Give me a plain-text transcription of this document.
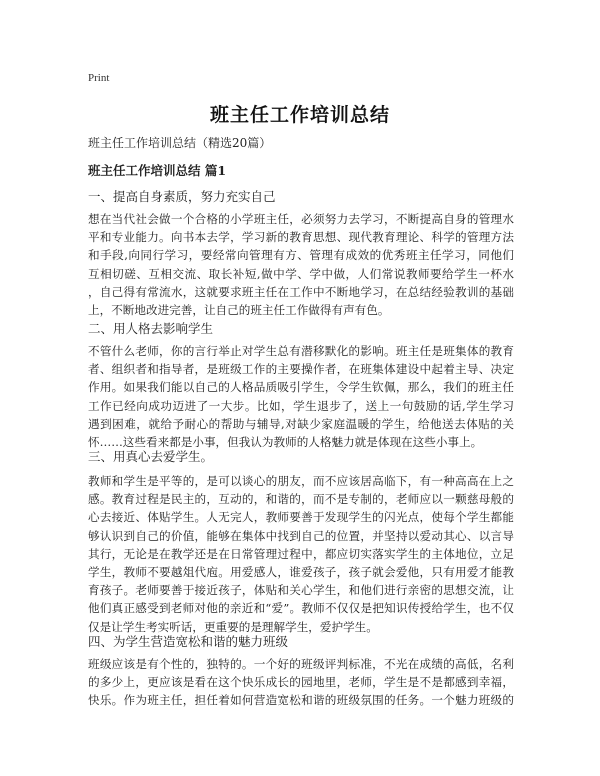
Print
班主任工作培训总结
班主任工作培训总结（精选20篇）
班主任工作培训总结 篇1
一、提高自身素质，努力充实自己
想在当代社会做一个合格的小学班主任，必须努力去学习，不断提高自身的管理水
平和专业能力。向书本去学，学习新的教育思想、现代教育理论、科学的管理方法
和手段,向同行学习，要经常向管理有方、管理有成效的优秀班主任学习，同他们
互相切磋、互相交流、取长补短,做中学、学中做，人们常说教师要给学生一杯水
，自己得有常流水，这就要求班主任在工作中不断地学习，在总结经验教训的基础
上，不断地改进完善，让自己的班主任工作做得有声有色。
二、用人格去影响学生
不管什么老师，你的言行举止对学生总有潜移默化的影响。班主任是班集体的教育
者、组织者和指导者，是班级工作的主要操作者，在班集体建设中起着主导、决定
作用。如果我们能以自己的人格品质吸引学生，令学生钦佩，那么，我们的班主任
工作已经向成功迈进了一大步。比如，学生退步了，送上一句鼓励的话,学生学习
遇到困难，就给予耐心的帮助与辅导,对缺少家庭温暖的学生，给他送去体贴的关
怀……这些看来都是小事，但我认为教师的人格魅力就是体现在这些小事上。
三、用真心去爱学生。
教师和学生是平等的，是可以谈心的朋友，而不应该居高临下，有一种高高在上之
感。教育过程是民主的，互动的，和谐的，而不是专制的，老师应以一颗慈母般的
心去接近、体贴学生。人无完人，教师要善于发现学生的闪光点，使每个学生都能
够认识到自己的价值，能够在集体中找到自己的位置，并坚持以爱动其心、以言导
其行，无论是在教学还是在日常管理过程中，都应切实落实学生的主体地位，立足
学生，教师不要越俎代庖。用爱感人，谁爱孩子，孩子就会爱他，只有用爱才能教
育孩子。老师要善于接近孩子，体贴和关心学生，和他们进行亲密的思想交流，让
他们真正感受到老师对他的亲近和“爱”。教师不仅仅是把知识传授给学生，也不仅
仅是让学生考实听话，更重要的是理解学生，爱护学生。
四、为学生营造宽松和谐的魅力班级
班级应该是有个性的，独特的。一个好的班级评判标准，不光在成绩的高低，名利
的多少上，更应该是看在这个快乐成长的园地里，老师，学生是不是都感到幸福，
快乐。作为班主任，担任着如何营造宽松和谐的班级氛围的任务。一个魅力班级的
